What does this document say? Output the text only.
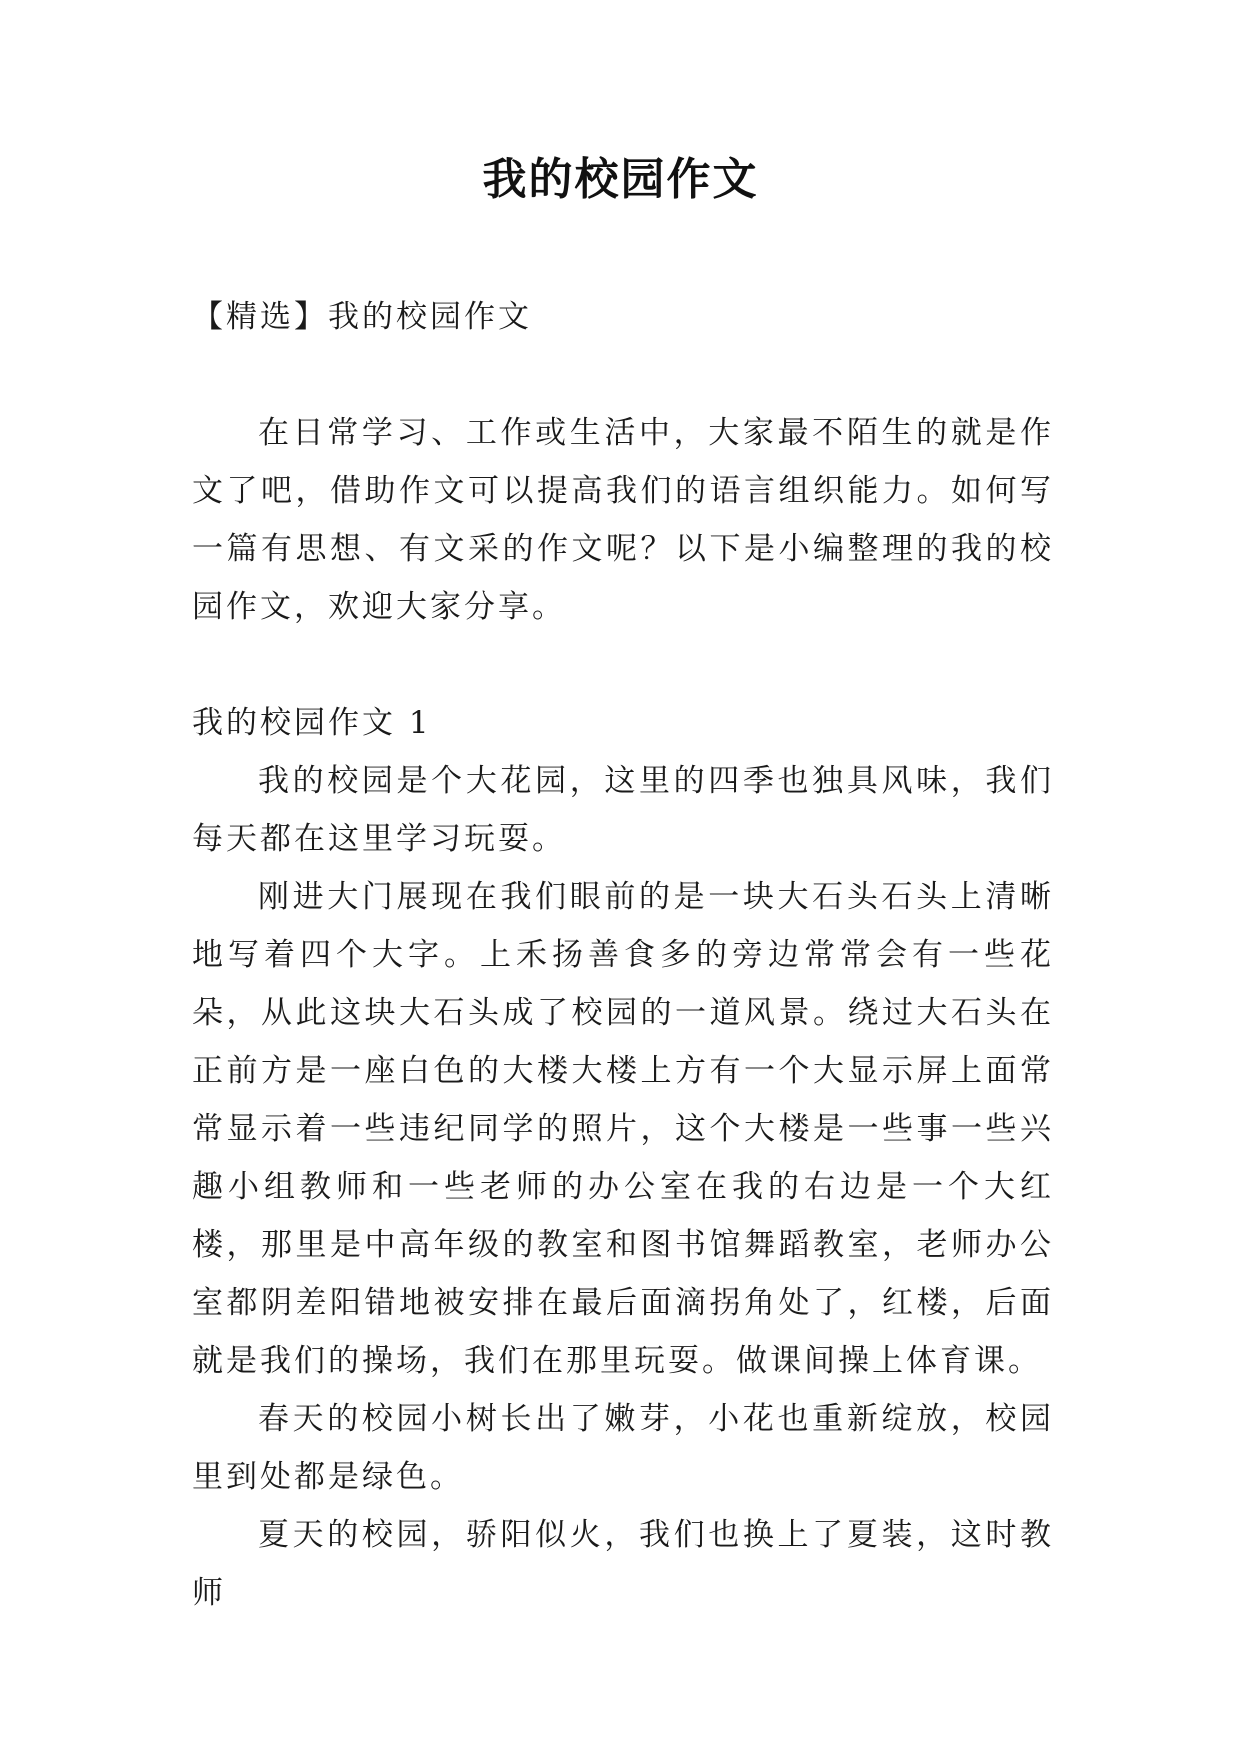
我的校园作文

【精选】我的校园作文

在日常学习、工作或生活中，大家最不陌生的就是作文了吧，借助作文可以提高我们的语言组织能力。如何写一篇有思想、有文采的作文呢？以下是小编整理的我的校园作文，欢迎大家分享。

我的校园作文 1

我的校园是个大花园，这里的四季也独具风味，我们每天都在这里学习玩耍。

刚进大门展现在我们眼前的是一块大石头石头上清晰地写着四个大字。上禾扬善食多的旁边常常会有一些花朵，从此这块大石头成了校园的一道风景。绕过大石头在正前方是一座白色的大楼大楼上方有一个大显示屏上面常常显示着一些违纪同学的照片，这个大楼是一些事一些兴趣小组教师和一些老师的办公室在我的右边是一个大红楼，那里是中高年级的教室和图书馆舞蹈教室，老师办公室都阴差阳错地被安排在最后面滴拐角处了，红楼，后面就是我们的操场，我们在那里玩耍。做课间操上体育课。

春天的校园小树长出了嫩芽，小花也重新绽放，校园里到处都是绿色。

夏天的校园，骄阳似火，我们也换上了夏装，这时教师
